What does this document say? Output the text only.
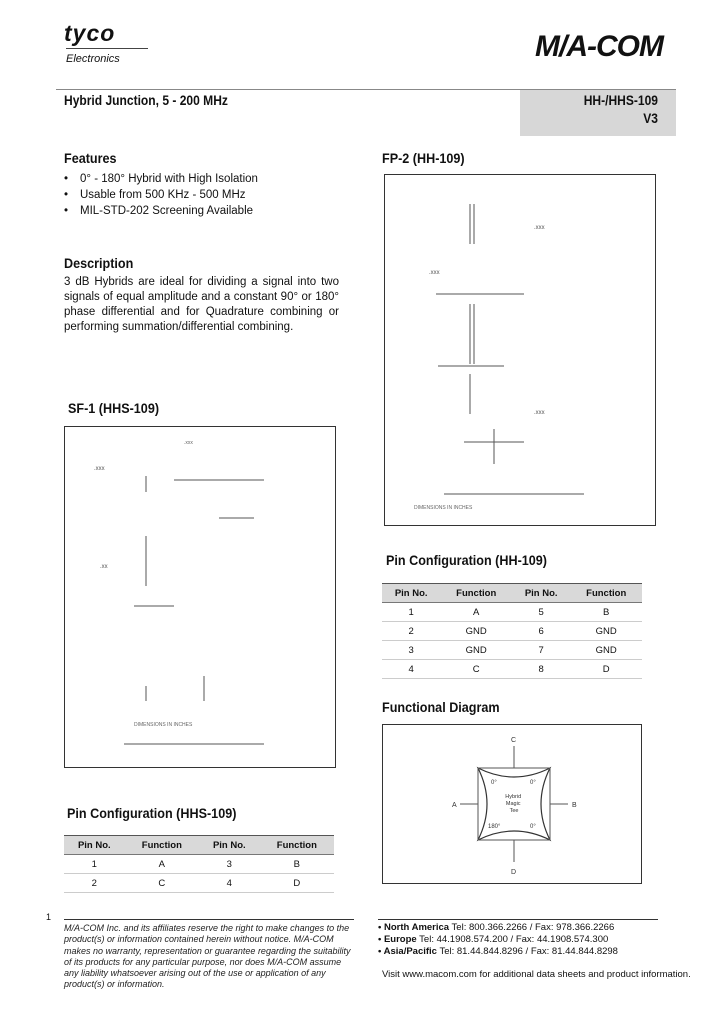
tyco
Electronics	M/A-COM
Hybrid Junction, 5 - 200 MHz	HH-/HHS-109
V3
Features
• 0° - 180° Hybrid with High Isolation
• Usable from 500 KHz - 500 MHz
• MIL-STD-202 Screening Available
Description
3 dB Hybrids are ideal for dividing a signal into two signals of equal amplitude and a constant 90° or 180° phase differential and for Quadrature combining or performing summation/differential combining.
FP-2 (HH-109)
.xxx
.xxx
.xxx
DIMENSIONS IN INCHES
SF-1 (HHS-109)
.xxx
.xxx
.xx
DIMENSIONS IN INCHES
Pin Configuration (HH-109)
Pin No.	Function	Pin No.	Function
1	A	5	B
2	GND	6	GND
3	GND	7	GND
4	C	8	D
Functional Diagram
C
D
A	B
0°	0°
180°	0°
Hybrid Magic Tee
Pin Configuration (HHS-109)
Pin No.	Function	Pin No.	Function
1	A	3	B
2	C	4	D
1
M/A-COM Inc. and its affiliates reserve the right to make changes to the product(s) or information contained herein without notice. M/A-COM makes no warranty, representation or guarantee regarding the suitability of its products for any particular purpose, nor does M/A-COM assume any liability whatsoever arising out of the use or application of any product(s) or information.
• North America Tel: 800.366.2266 / Fax: 978.366.2266
• Europe Tel: 44.1908.574.200 / Fax: 44.1908.574.300
• Asia/Pacific Tel: 81.44.844.8296 / Fax: 81.44.844.8298
Visit www.macom.com for additional data sheets and product information.
